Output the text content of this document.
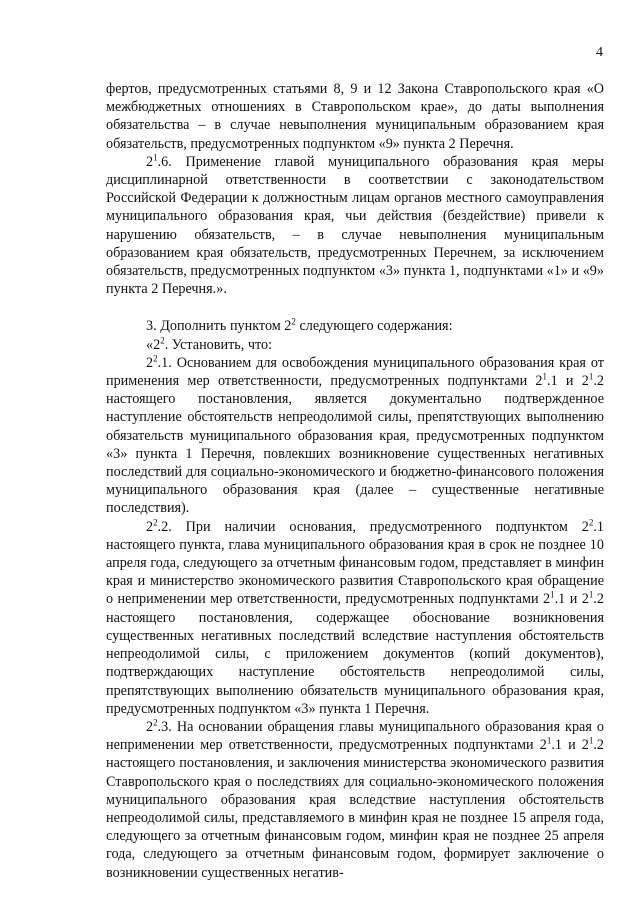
4

фертов, предусмотренных статьями 8, 9 и 12 Закона Ставропольского края «О межбюджетных отношениях в Ставропольском крае», до даты выполнения обязательства – в случае невыполнения муниципальным образованием края обязательств, предусмотренных подпунктом «9» пункта 2 Перечня.

$2^1.6$. Применение главой муниципального образования края меры дисциплинарной ответственности в соответствии с законодательством Российской Федерации к должностным лицам органов местного самоуправления муниципального образования края, чьи действия (бездействие) привели к нарушению обязательств, – в случае невыполнения муниципальным образованием края обязательств, предусмотренных Перечнем, за исключением обязательств, предусмотренных подпунктом «3» пункта 1, подпунктами «1» и «9» пункта 2 Перечня.».

3. Дополнить пунктом $2^2$ следующего содержания:

«$2^2$. Установить, что:

$2^2.1$. Основанием для освобождения муниципального образования края от применения мер ответственности, предусмотренных подпунктами $2^1.1$ и $2^1.2$ настоящего постановления, является документально подтвержденное наступление обстоятельств непреодолимой силы, препятствующих выполнению обязательств муниципального образования края, предусмотренных подпунктом «3» пункта 1 Перечня, повлекших возникновение существенных негативных последствий для социально-экономического и бюджетно-финансового положения муниципального образования края (далее – существенные негативные последствия).

$2^2.2$. При наличии основания, предусмотренного подпунктом $2^2.1$ настоящего пункта, глава муниципального образования края в срок не позднее 10 апреля года, следующего за отчетным финансовым годом, представляет в минфин края и министерство экономического развития Ставропольского края обращение о неприменении мер ответственности, предусмотренных подпунктами $2^1.1$ и $2^1.2$ настоящего постановления, содержащее обоснование возникновения существенных негативных последствий вследствие наступления обстоятельств непреодолимой силы, с приложением документов (копий документов), подтверждающих наступление обстоятельств непреодолимой силы, препятствующих выполнению обязательств муниципального образования края, предусмотренных подпунктом «3» пункта 1 Перечня.

$2^2.3$. На основании обращения главы муниципального образования края о неприменении мер ответственности, предусмотренных подпунктами $2^1.1$ и $2^1.2$ настоящего постановления, и заключения министерства экономического развития Ставропольского края о последствиях для социально-экономического положения муниципального образования края вследствие наступления обстоятельств непреодолимой силы, представляемого в минфин края не позднее 15 апреля года, следующего за отчетным финансовым годом, минфин края не позднее 25 апреля года, следующего за отчетным финансовым годом, формирует заключение о возникновении существенных негатив-
